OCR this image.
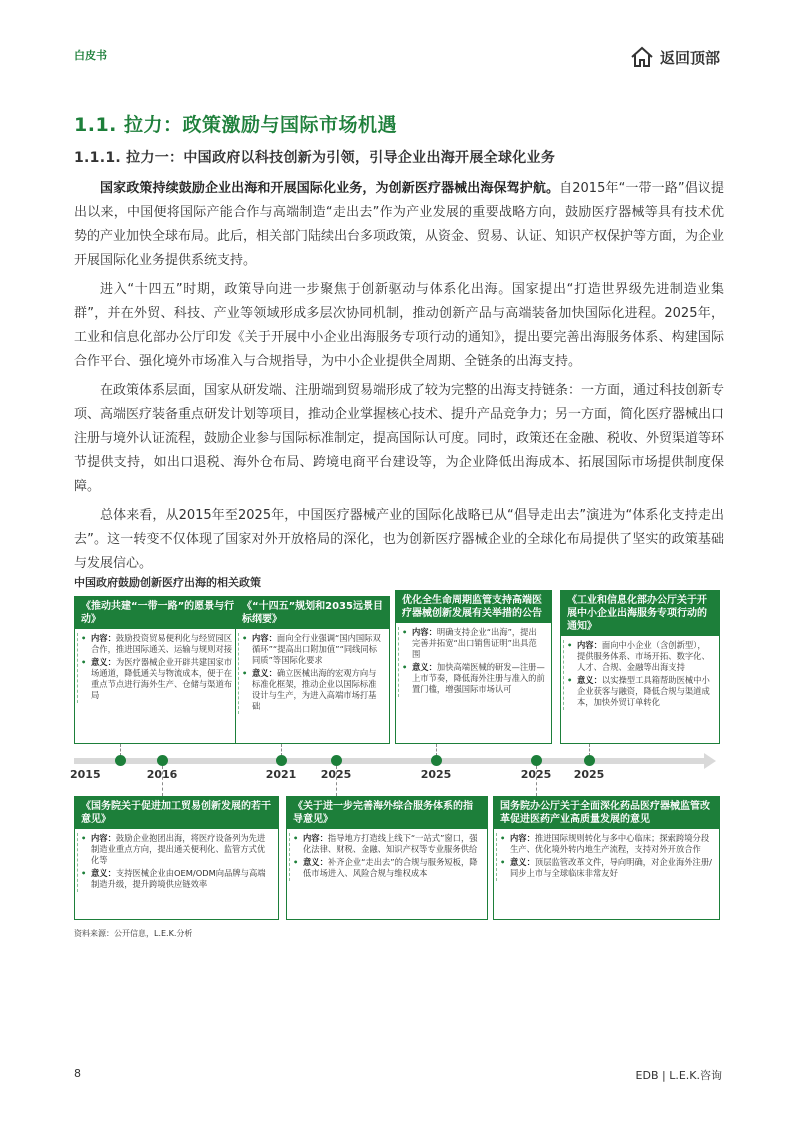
白皮书	返回顶部
1.1. 拉力：政策激励与国际市场机遇
1.1.1. 拉力一：中国政府以科技创新为引领，引导企业出海开展全球化业务

国家政策持续鼓励企业出海和开展国际化业务，为创新医疗器械出海保驾护航。自2015年“一带一路”倡议提出以来，中国便将国际产能合作与高端制造“走出去”作为产业发展的重要战略方向，鼓励医疗器械等具有技术优势的产业加快全球布局。此后，相关部门陆续出台多项政策，从资金、贸易、认证、知识产权保护等方面，为企业开展国际化业务提供系统支持。

进入“十四五”时期，政策导向进一步聚焦于创新驱动与体系化出海。国家提出“打造世界级先进制造业集群”，并在外贸、科技、产业等领域形成多层次协同机制，推动创新产品与高端装备加快国际化进程。2025年，工业和信息化部办公厅印发《关于开展中小企业出海服务专项行动的通知》，提出要完善出海服务体系、构建国际合作平台、强化境外市场准入与合规指导，为中小企业提供全周期、全链条的出海支持。

在政策体系层面，国家从研发端、注册端到贸易端形成了较为完整的出海支持链条：一方面，通过科技创新专项、高端医疗装备重点研发计划等项目，推动企业掌握核心技术、提升产品竞争力；另一方面，简化医疗器械出口注册与境外认证流程，鼓励企业参与国际标准制定，提高国际认可度。同时，政策还在金融、税收、外贸渠道等环节提供支持，如出口退税、海外仓布局、跨境电商平台建设等，为企业降低出海成本、拓展国际市场提供制度保障。

总体来看，从2015年至2025年，中国医疗器械产业的国际化战略已从“倡导走出去”演进为“体系化支持走出去”。这一转变不仅体现了国家对外开放格局的深化，也为创新医疗器械企业的全球化布局提供了坚实的政策基础与发展信心。

中国政府鼓励创新医疗出海的相关政策
《推动共建“一带一路”的愿景与行动》
• 内容：鼓励投资贸易便利化与经贸园区合作，推进国际通关、运输与规则对接
• 意义：为医疗器械企业开辟共建国家市场通道，降低通关与物流成本，便于在重点节点进行海外生产、仓储与渠道布局
《“十四五”规划和2035远景目标纲要》
• 内容：面向全行业强调“国内国际双循环”“提高出口附加值”“同线同标同质”等国际化要求
• 意义：确立医械出海的宏观方向与标准化框架，推动企业以国际标准设计与生产，为进入高端市场打基础
优化全生命周期监管支持高端医疗器械创新发展有关举措的公告
• 内容：明确支持企业“出海”，提出完善并拓宽“出口销售证明”出具范围
• 意义：加快高端医械的研发—注册—上市节奏，降低海外注册与准入的前置门槛，增强国际市场认可
《工业和信息化部办公厅关于开展中小企业出海服务专项行动的通知》
• 内容：面向中小企业（含创新型），提供服务体系、市场开拓、数字化、人才、合规、金融等出海支持
• 意义：以实操型工具箱帮助医械中小企业获客与融资，降低合规与渠道成本，加快外贸订单转化
2015	2016	2021	2025	2025	2025	2025
《国务院关于促进加工贸易创新发展的若干意见》
• 内容：鼓励企业抱团出海，将医疗设备列为先进制造业重点方向，提出通关便利化、监管方式优化等
• 意义：支持医械企业由OEM/ODM向品牌与高端制造升级，提升跨境供应链效率
《关于进一步完善海外综合服务体系的指导意见》
• 内容：指导地方打造线上线下“一站式”窗口，强化法律、财税、金融、知识产权等专业服务供给
• 意义：补齐企业“走出去”的合规与服务短板，降低市场进入、风险合规与维权成本
国务院办公厅关于全面深化药品医疗器械监管改革促进医药产业高质量发展的意见
• 内容：推进国际规则转化与多中心临床；探索跨境分段生产、优化境外转内地生产流程，支持对外开放合作
• 意义：顶层监管改革文件，导向明确，对企业海外注册/同步上市与全球临床非常友好
资料来源：公开信息，L.E.K.分析
8	EDB | L.E.K.咨询
